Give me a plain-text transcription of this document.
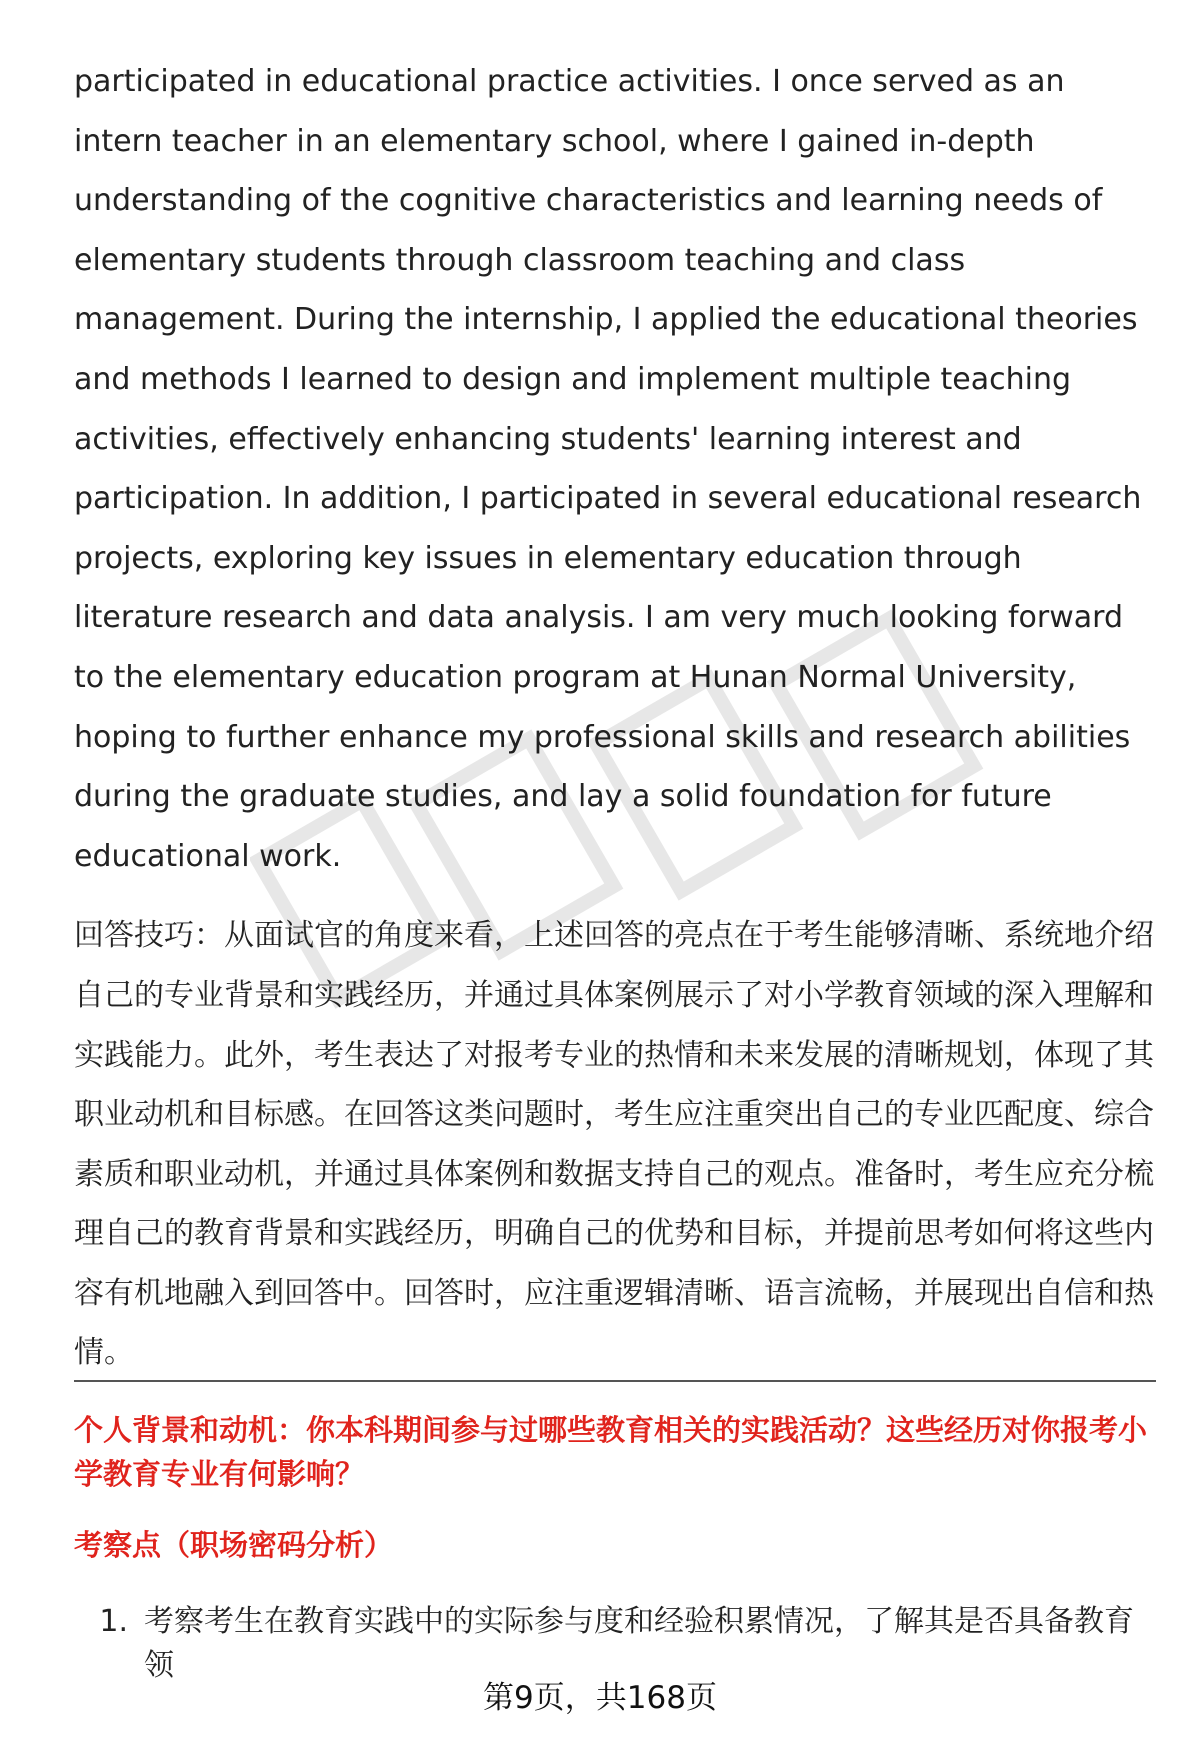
participated in educational practice activities. I once served as an intern teacher in an elementary school, where I gained in-depth understanding of the cognitive characteristics and learning needs of elementary students through classroom teaching and class management. During the internship, I applied the educational theories and methods I learned to design and implement multiple teaching activities, effectively enhancing students' learning interest and participation. In addition, I participated in several educational research projects, exploring key issues in elementary education through literature research and data analysis. I am very much looking forward to the elementary education program at Hunan Normal University, hoping to further enhance my professional skills and research abilities during the graduate studies, and lay a solid foundation for future educational work.

回答技巧：从面试官的角度来看，上述回答的亮点在于考生能够清晰、系统地介绍自己的专业背景和实践经历，并通过具体案例展示了对小学教育领域的深入理解和实践能力。此外，考生表达了对报考专业的热情和未来发展的清晰规划，体现了其职业动机和目标感。在回答这类问题时，考生应注重突出自己的专业匹配度、综合素质和职业动机，并通过具体案例和数据支持自己的观点。准备时，考生应充分梳理自己的教育背景和实践经历，明确自己的优势和目标，并提前思考如何将这些内容有机地融入到回答中。回答时，应注重逻辑清晰、语言流畅，并展现出自信和热情。

个人背景和动机：你本科期间参与过哪些教育相关的实践活动？这些经历对你报考小学教育专业有何影响？

考察点（职场密码分析）

1. 考察考生在教育实践中的实际参与度和经验积累情况，了解其是否具备教育领
第9页，共168页
